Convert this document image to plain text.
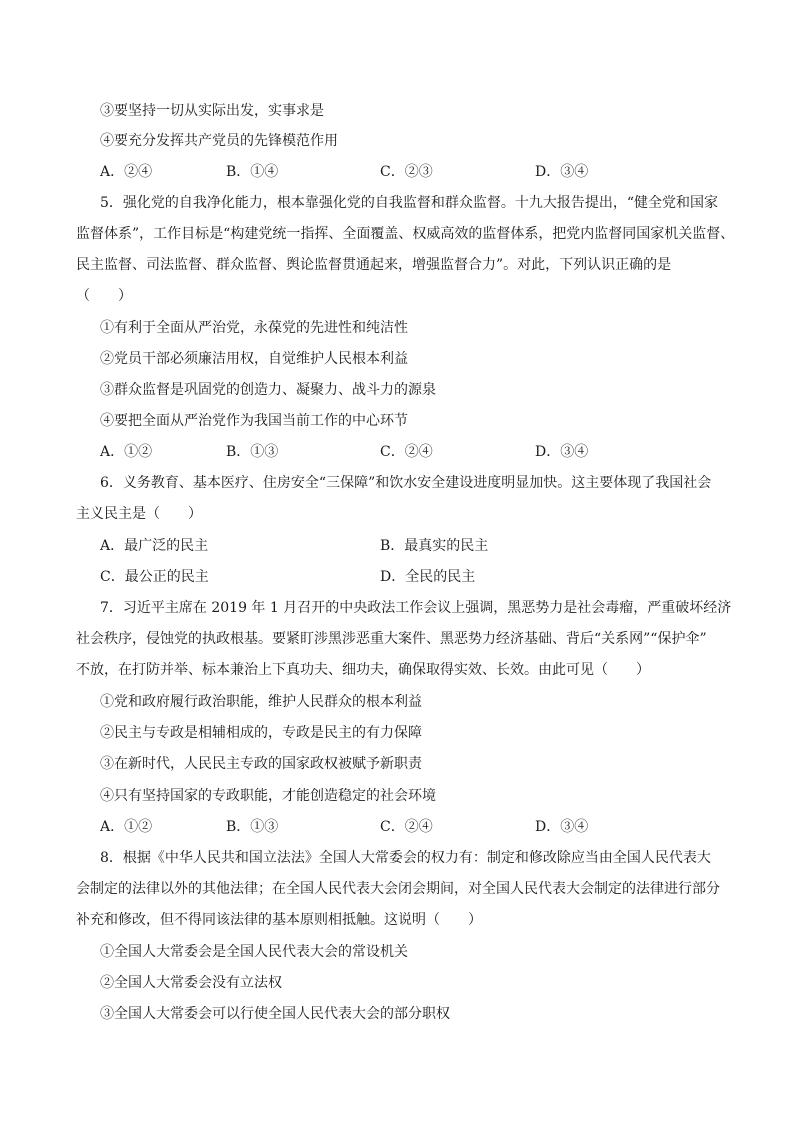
③要坚持一切从实际出发，实事求是
④要充分发挥共产党员的先锋模范作用
A．②④	B．①④	C．②③	D．③④
5．强化党的自我净化能力，根本靠强化党的自我监督和群众监督。十九大报告提出，“健全党和国家
监督体系”，工作目标是“构建党统一指挥、全面覆盖、权威高效的监督体系，把党内监督同国家机关监督、
民主监督、司法监督、群众监督、舆论监督贯通起来，增强监督合力”。对此，下列认识正确的是
（　　）
①有利于全面从严治党，永葆党的先进性和纯洁性
②党员干部必须廉洁用权，自觉维护人民根本利益
③群众监督是巩固党的创造力、凝聚力、战斗力的源泉
④要把全面从严治党作为我国当前工作的中心环节
A．①②	B．①③	C．②④	D．③④
6．义务教育、基本医疗、住房安全“三保障”和饮水安全建设进度明显加快。这主要体现了我国社会
主义民主是（　　）
A．最广泛的民主	B．最真实的民主
C．最公正的民主	D．全民的民主
7．习近平主席在 2019 年 1 月召开的中央政法工作会议上强调，黑恶势力是社会毒瘤，严重破坏经济
社会秩序，侵蚀党的执政根基。要紧盯涉黑涉恶重大案件、黑恶势力经济基础、背后“关系网”“保护伞”
不放，在打防并举、标本兼治上下真功夫、细功夫，确保取得实效、长效。由此可见（　　）
①党和政府履行政治职能，维护人民群众的根本利益
②民主与专政是相辅相成的，专政是民主的有力保障
③在新时代，人民民主专政的国家政权被赋予新职责
④只有坚持国家的专政职能，才能创造稳定的社会环境
A．①②	B．①③	C．②④	D．③④
8．根据《中华人民共和国立法法》全国人大常委会的权力有：制定和修改除应当由全国人民代表大
会制定的法律以外的其他法律；在全国人民代表大会闭会期间，对全国人民代表大会制定的法律进行部分
补充和修改，但不得同该法律的基本原则相抵触。这说明（　　）
①全国人大常委会是全国人民代表大会的常设机关
②全国人大常委会没有立法权
③全国人大常委会可以行使全国人民代表大会的部分职权
